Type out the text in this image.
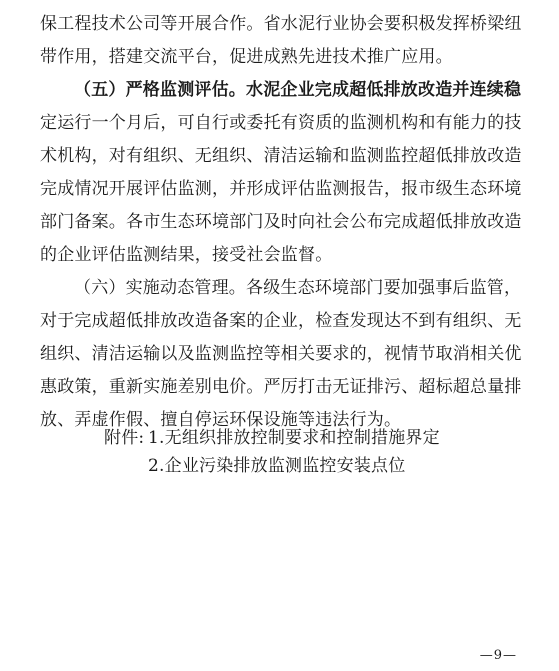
保工程技术公司等开展合作。省水泥行业协会要积极发挥桥梁纽
带作用，搭建交流平台，促进成熟先进技术推广应用。
（五）严格监测评估。水泥企业完成超低排放改造并连续稳
定运行一个月后，可自行或委托有资质的监测机构和有能力的技
术机构，对有组织、无组织、清洁运输和监测监控超低排放改造
完成情况开展评估监测，并形成评估监测报告，报市级生态环境
部门备案。各市生态环境部门及时向社会公布完成超低排放改造
的企业评估监测结果，接受社会监督。
（六）实施动态管理。各级生态环境部门要加强事后监管，
对于完成超低排放改造备案的企业，检查发现达不到有组织、无
组织、清洁运输以及监测监控等相关要求的，视情节取消相关优
惠政策，重新实施差别电价。严厉打击无证排污、超标超总量排
放、弄虚作假、擅自停运环保设施等违法行为。
附件: 1.无组织排放控制要求和控制措施界定
2.企业污染排放监测监控安装点位
—9—
